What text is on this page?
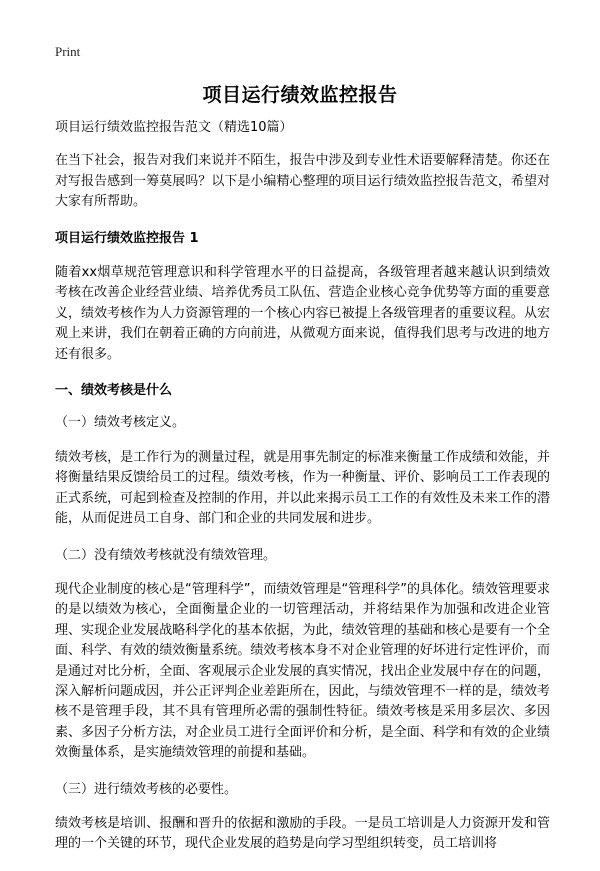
Print
项目运行绩效监控报告

项目运行绩效监控报告范文（精选10篇）

在当下社会，报告对我们来说并不陌生，报告中涉及到专业性术语要解释清楚。你还在对写报告感到一筹莫展吗？以下是小编精心整理的项目运行绩效监控报告范文，希望对大家有所帮助。

项目运行绩效监控报告 1

随着xx烟草规范管理意识和科学管理水平的日益提高，各级管理者越来越认识到绩效考核在改善企业经营业绩、培养优秀员工队伍、营造企业核心竞争优势等方面的重要意义，绩效考核作为人力资源管理的一个核心内容已被提上各级管理者的重要议程。从宏观上来讲，我们在朝着正确的方向前进，从微观方面来说，值得我们思考与改进的地方还有很多。

一、绩效考核是什么

（一）绩效考核定义。

绩效考核，是工作行为的测量过程，就是用事先制定的标准来衡量工作成绩和效能，并将衡量结果反馈给员工的过程。绩效考核，作为一种衡量、评价、影响员工工作表现的正式系统，可起到检查及控制的作用，并以此来揭示员工工作的有效性及未来工作的潜能，从而促进员工自身、部门和企业的共同发展和进步。

（二）没有绩效考核就没有绩效管理。

现代企业制度的核心是“管理科学”，而绩效管理是“管理科学”的具体化。绩效管理要求的是以绩效为核心，全面衡量企业的一切管理活动，并将结果作为加强和改进企业管理、实现企业发展战略科学化的基本依据，为此，绩效管理的基础和核心是要有一个全面、科学、有效的绩效衡量系统。绩效考核本身不对企业管理的好坏进行定性评价，而是通过对比分析，全面、客观展示企业发展的真实情况，找出企业发展中存在的问题，深入解析问题成因，并公正评判企业差距所在，因此，与绩效管理不一样的是，绩效考核不是管理手段，其不具有管理所必需的强制性特征。绩效考核是采用多层次、多因素、多因子分析方法，对企业员工进行全面评价和分析，是全面、科学和有效的企业绩效衡量体系，是实施绩效管理的前提和基础。

（三）进行绩效考核的必要性。

绩效考核是培训、报酬和晋升的依据和激励的手段。一是员工培训是人力资源开发和管理的一个关键的环节，现代企业发展的趋势是向学习型组织转变，员工培训将
